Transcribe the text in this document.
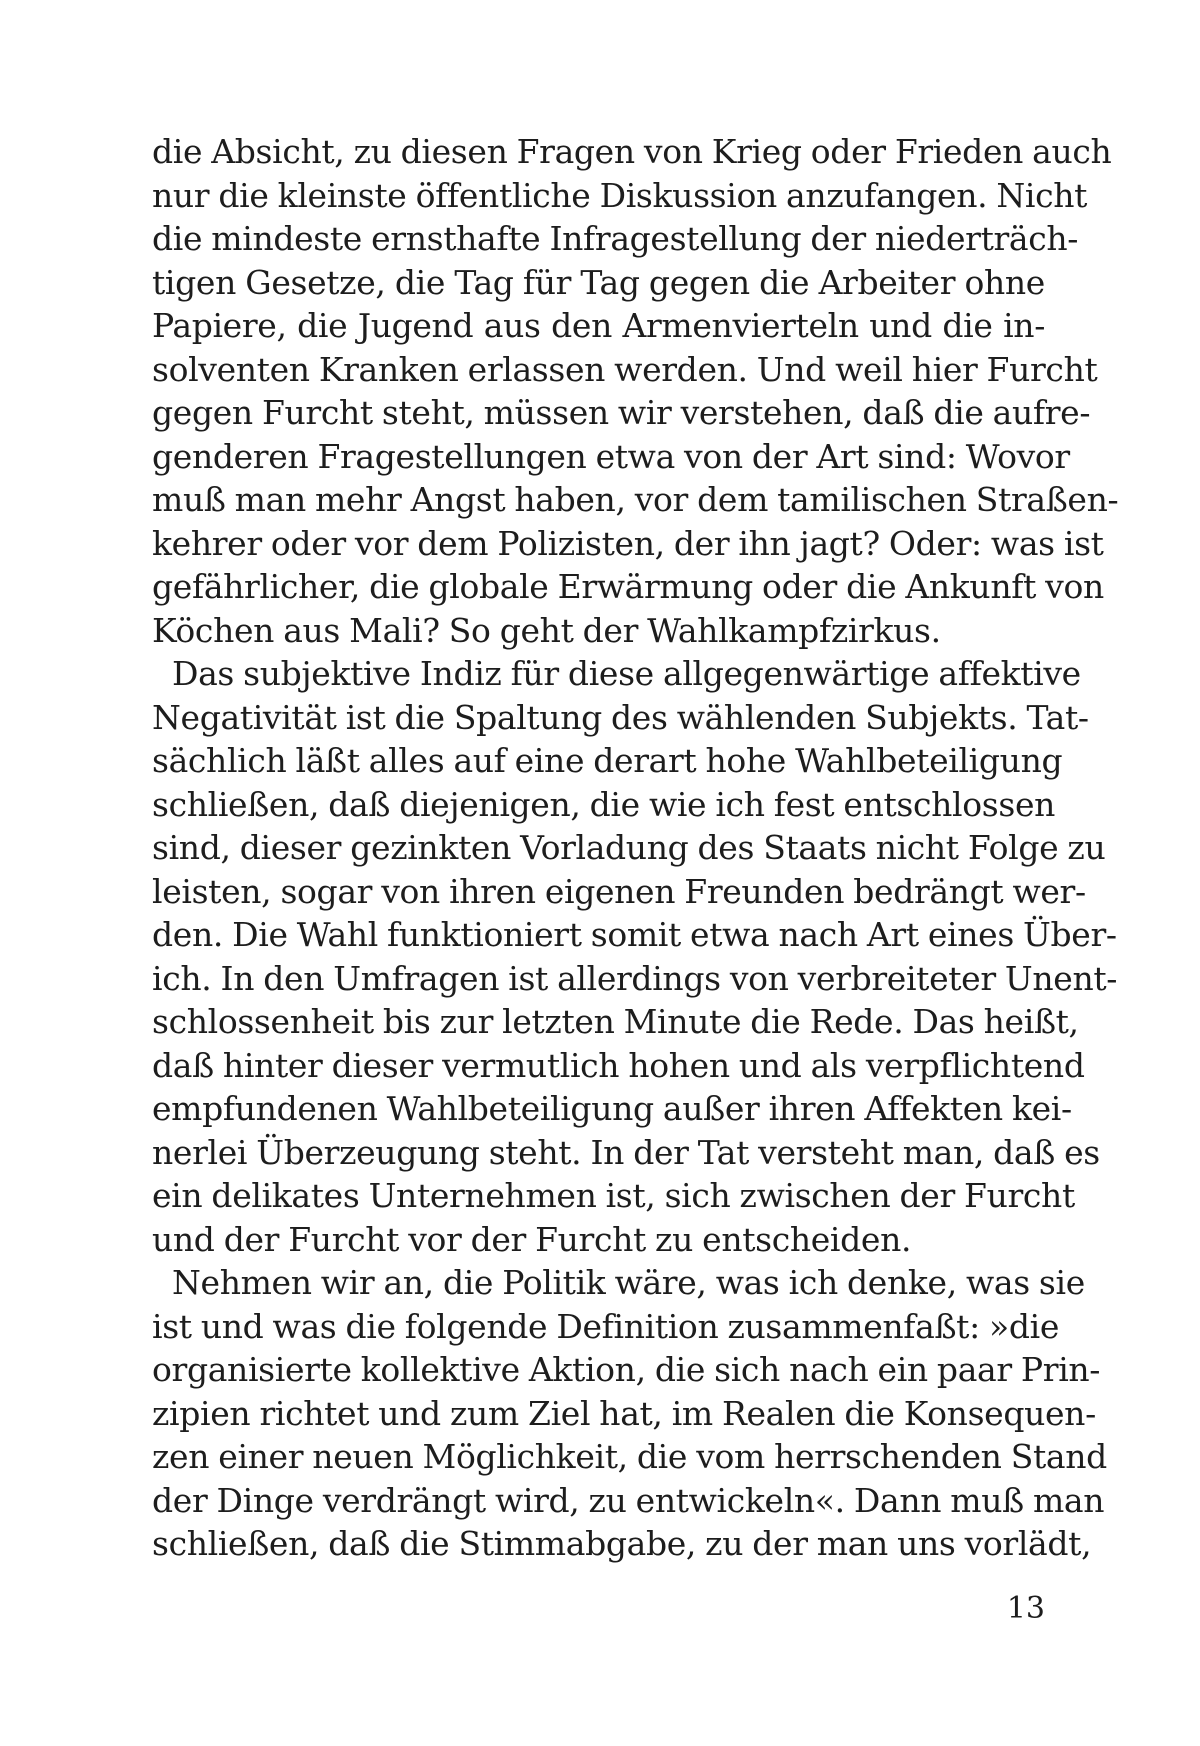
die Absicht, zu diesen Fragen von Krieg oder Frieden auch
nur die kleinste öffentliche Diskussion anzufangen. Nicht
die mindeste ernsthafte Infragestellung der niederträch-
tigen Gesetze, die Tag für Tag gegen die Arbeiter ohne
Papiere, die Jugend aus den Armenvierteln und die in-
solventen Kranken erlassen werden. Und weil hier Furcht
gegen Furcht steht, müssen wir verstehen, daß die aufre-
genderen Fragestellungen etwa von der Art sind: Wovor
muß man mehr Angst haben, vor dem tamilischen Straßen-
kehrer oder vor dem Polizisten, der ihn jagt? Oder: was ist
gefährlicher, die globale Erwärmung oder die Ankunft von
Köchen aus Mali? So geht der Wahlkampfzirkus.
Das subjektive Indiz für diese allgegenwärtige affektive
Negativität ist die Spaltung des wählenden Subjekts. Tat-
sächlich läßt alles auf eine derart hohe Wahlbeteiligung
schließen, daß diejenigen, die wie ich fest entschlossen
sind, dieser gezinkten Vorladung des Staats nicht Folge zu
leisten, sogar von ihren eigenen Freunden bedrängt wer-
den. Die Wahl funktioniert somit etwa nach Art eines Über-
ich. In den Umfragen ist allerdings von verbreiteter Unent-
schlossenheit bis zur letzten Minute die Rede. Das heißt,
daß hinter dieser vermutlich hohen und als verpflichtend
empfundenen Wahlbeteiligung außer ihren Affekten kei-
nerlei Überzeugung steht. In der Tat versteht man, daß es
ein delikates Unternehmen ist, sich zwischen der Furcht
und der Furcht vor der Furcht zu entscheiden.
Nehmen wir an, die Politik wäre, was ich denke, was sie
ist und was die folgende Definition zusammenfaßt: »die
organisierte kollektive Aktion, die sich nach ein paar Prin-
zipien richtet und zum Ziel hat, im Realen die Konsequen-
zen einer neuen Möglichkeit, die vom herrschenden Stand
der Dinge verdrängt wird, zu entwickeln«. Dann muß man
schließen, daß die Stimmabgabe, zu der man uns vorlädt,
13
